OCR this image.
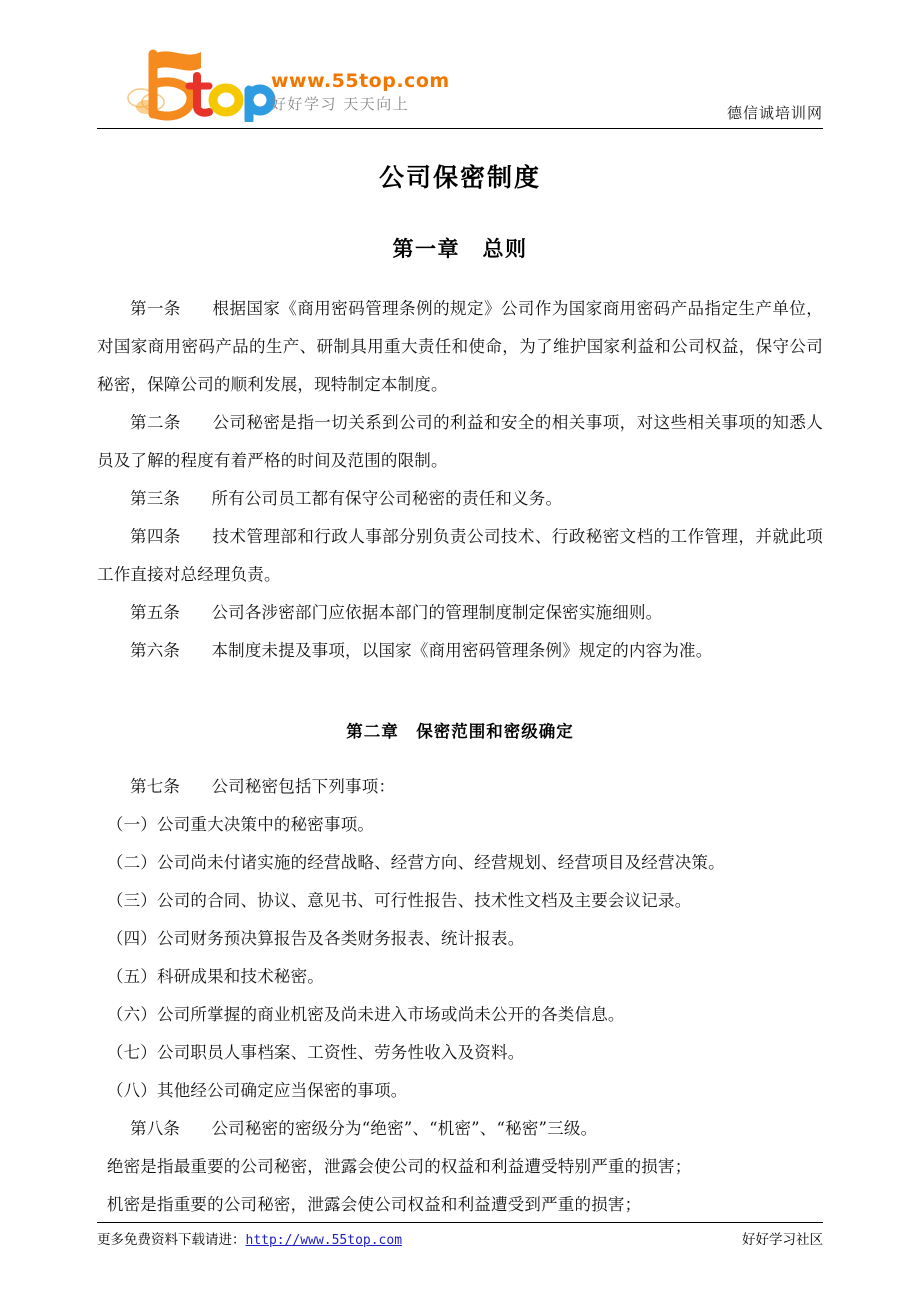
www.55top.com
好好学习 天天向上	德信诚培训网
公司保密制度
第一章　总则

第一条 根据国家《商用密码管理条例的规定》公司作为国家商用密码产品指定生产单位，对国家商用密码产品的生产、研制具用重大责任和使命，为了维护国家利益和公司权益，保守公司秘密，保障公司的顺利发展，现特制定本制度。

第二条 公司秘密是指一切关系到公司的利益和安全的相关事项，对这些相关事项的知悉人员及了解的程度有着严格的时间及范围的限制。

第三条 所有公司员工都有保守公司秘密的责任和义务。

第四条 技术管理部和行政人事部分别负责公司技术、行政秘密文档的工作管理，并就此项工作直接对总经理负责。

第五条 公司各涉密部门应依据本部门的管理制度制定保密实施细则。

第六条 本制度未提及事项，以国家《商用密码管理条例》规定的内容为准。

第二章　保密范围和密级确定

第七条 公司秘密包括下列事项：

（一）公司重大决策中的秘密事项。

（二）公司尚未付诸实施的经营战略、经营方向、经营规划、经营项目及经营决策。

（三）公司的合同、协议、意见书、可行性报告、技术性文档及主要会议记录。

（四）公司财务预决算报告及各类财务报表、统计报表。

（五）科研成果和技术秘密。

（六）公司所掌握的商业机密及尚未进入市场或尚未公开的各类信息。

（七）公司职员人事档案、工资性、劳务性收入及资料。

（八）其他经公司确定应当保密的事项。

第八条 公司秘密的密级分为“绝密”、“机密”、“秘密”三级。

绝密是指最重要的公司秘密，泄露会使公司的权益和利益遭受特别严重的损害；

机密是指重要的公司秘密，泄露会使公司权益和利益遭受到严重的损害；

更多免费资料下载请进：http://www.55top.com	好好学习社区
